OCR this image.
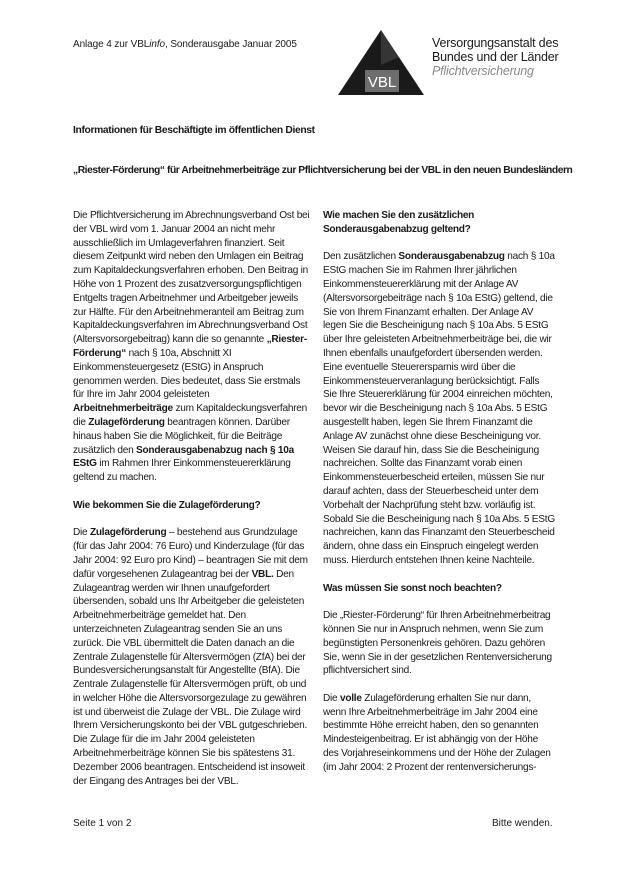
Anlage 4 zur VBLinfo, Sonderausgabe Januar 2005
VBL
Versorgungsanstalt des
Bundes und der Länder
Pflichtversicherung
Informationen für Beschäftigte im öffentlichen Dienst
„Riester-Förderung“ für Arbeitnehmerbeiträge zur Pflichtversicherung bei der VBL in den neuen Bundesländern

Die Pflichtversicherung im Abrechnungsverband Ost bei der VBL wird vom 1. Januar 2004 an nicht mehr ausschließlich im Umlageverfahren finanziert. Seit diesem Zeitpunkt wird neben den Umlagen ein Beitrag zum Kapitaldeckungsverfahren erhoben. Den Beitrag in Höhe von 1 Prozent des zusatzversorgungspflichtigen Entgelts tragen Arbeitnehmer und Arbeitgeber jeweils zur Hälfte. Für den Arbeitnehmeranteil am Beitrag zum Kapitaldeckungsverfahren im Abrechnungsverband Ost (Altersvorsorgebeitrag) kann die so genannte „Riester-Förderung“ nach § 10a, Abschnitt XI Einkommensteuergesetz (EStG) in Anspruch genommen werden. Dies bedeutet, dass Sie erstmals für Ihre im Jahr 2004 geleisteten Arbeitnehmerbeiträge zum Kapitaldeckungsverfahren die Zulageförderung beantragen können. Darüber hinaus haben Sie die Möglichkeit, für die Beiträge zusätzlich den Sonderausgabenabzug nach § 10a EStG im Rahmen Ihrer Einkommensteuererklärung geltend zu machen.

Wie bekommen Sie die Zulageförderung?

Die Zulageförderung – bestehend aus Grundzulage (für das Jahr 2004: 76 Euro) und Kinderzulage (für das Jahr 2004: 92 Euro pro Kind) – beantragen Sie mit dem dafür vorgesehenen Zulageantrag bei der VBL. Den Zulageantrag werden wir Ihnen unaufgefordert übersenden, sobald uns Ihr Arbeitgeber die geleisteten Arbeitnehmerbeiträge gemeldet hat. Den unterzeichneten Zulageantrag senden Sie an uns zurück. Die VBL übermittelt die Daten danach an die Zentrale Zulagenstelle für Altersvermögen (ZfA) bei der Bundesversicherungsanstalt für Angestellte (BfA). Die Zentrale Zulagenstelle für Altersvermögen prüft, ob und in welcher Höhe die Altersvorsorgezulage zu gewähren ist und überweist die Zulage der VBL. Die Zulage wird Ihrem Versicherungskonto bei der VBL gutgeschrieben. Die Zulage für die im Jahr 2004 geleisteten Arbeitnehmerbeiträge können Sie bis spätestens 31. Dezember 2006 beantragen. Entscheidend ist insoweit der Eingang des Antrages bei der VBL.

Wie machen Sie den zusätzlichen Sonderausgabenabzug geltend?

Den zusätzlichen Sonderausgabenabzug nach § 10a EStG machen Sie im Rahmen Ihrer jährlichen Einkommensteuererklärung mit der Anlage AV (Altersvorsorgebeiträge nach § 10a EStG) geltend, die Sie von Ihrem Finanzamt erhalten. Der Anlage AV legen Sie die Bescheinigung nach § 10a Abs. 5 EStG über Ihre geleisteten Arbeitnehmerbeiträge bei, die wir Ihnen ebenfalls unaufgefordert übersenden werden. Eine eventuelle Steuerersparnis wird über die Einkommensteuerveranlagung berücksichtigt. Falls Sie Ihre Steuererklärung für 2004 einreichen möchten, bevor wir die Bescheinigung nach § 10a Abs. 5 EStG ausgestellt haben, legen Sie Ihrem Finanzamt die Anlage AV zunächst ohne diese Bescheinigung vor. Weisen Sie darauf hin, dass Sie die Bescheinigung nachreichen. Sollte das Finanzamt vorab einen Einkommensteuerbescheid erteilen, müssen Sie nur darauf achten, dass der Steuerbescheid unter dem Vorbehalt der Nachprüfung steht bzw. vorläufig ist. Sobald Sie die Bescheinigung nach § 10a Abs. 5 EStG nachreichen, kann das Finanzamt den Steuerbescheid ändern, ohne dass ein Einspruch eingelegt werden muss. Hierdurch entstehen Ihnen keine Nachteile.

Was müssen Sie sonst noch beachten?

Die „Riester-Förderung“ für Ihren Arbeitnehmerbeitrag können Sie nur in Anspruch nehmen, wenn Sie zum begünstigten Personenkreis gehören. Dazu gehören Sie, wenn Sie in der gesetzlichen Rentenversicherung pflichtversichert sind.

Die volle Zulageförderung erhalten Sie nur dann, wenn Ihre Arbeitnehmerbeiträge im Jahr 2004 eine bestimmte Höhe erreicht haben, den so genannten Mindesteigenbeitrag. Er ist abhängig von der Höhe des Vorjahreseinkommens und der Höhe der Zulagen (im Jahr 2004: 2 Prozent der rentenversicherungs-

Seite 1 von 2	Bitte wenden.
